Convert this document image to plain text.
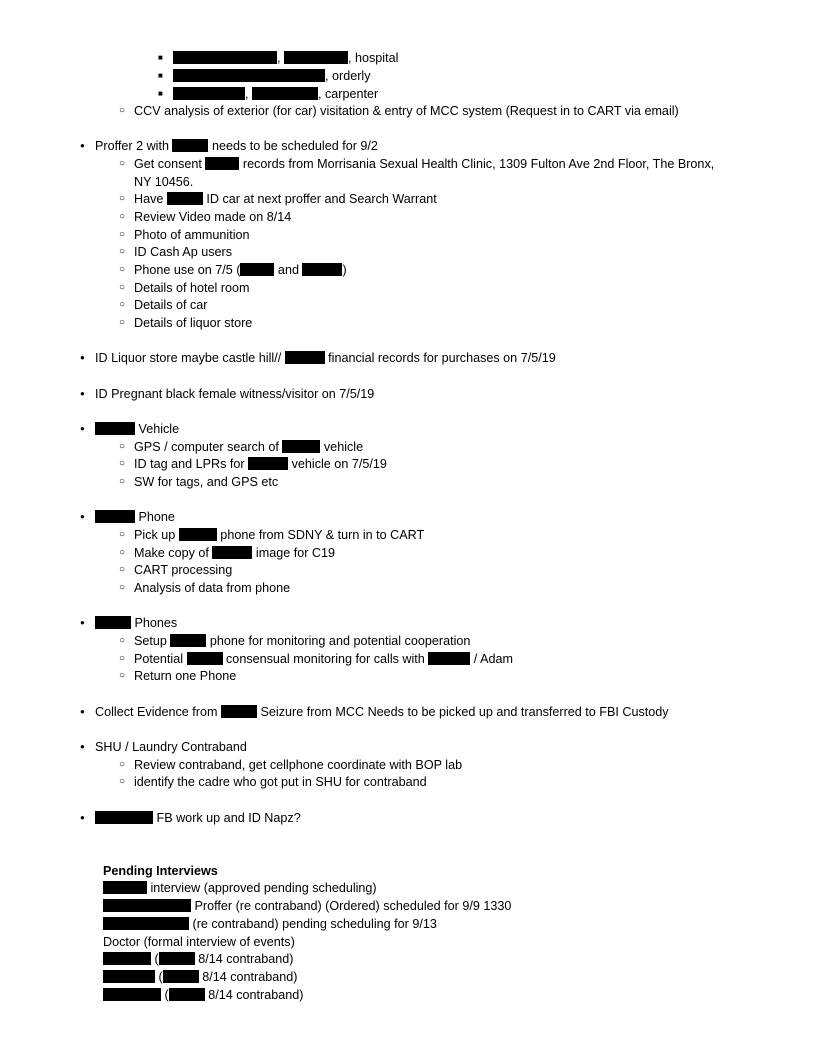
■ ,	, hospital
■ , orderly
■ ,	, carpenter
○ CCV analysis of exterior (for car) visitation & entry of MCC system (Request in to CART via email)
● Proffer 2 with	needs to be scheduled for 9/2
○ Get consent	records from Morrisania Sexual Health Clinic, 1309 Fulton Ave 2nd Floor, The Bronx,
NY 10456.
○ Have	ID car at next proffer and Search Warrant
○ Review Video made on 8/14
○ Photo of ammunition
○ ID Cash Ap users
○ Phone use on 7/5 (	and	)
○ Details of hotel room
○ Details of car
○ Details of liquor store
● ID Liquor store maybe castle hill//	financial records for purchases on 7/5/19
● ID Pregnant black female witness/visitor on 7/5/19
● Vehicle
○ GPS / computer search of	vehicle
○ ID tag and LPRs for	vehicle on 7/5/19
○ SW for tags, and GPS etc
● Phone
○ Pick up	phone from SDNY & turn in to CART
○ Make copy of	image for C19
○ CART processing
○ Analysis of data from phone
● Phones
○ Setup	phone for monitoring and potential cooperation
○ Potential	consensual monitoring for calls with	/ Adam
○ Return one Phone
● Collect Evidence from	Seizure from MCC Needs to be picked up and transferred to FBI Custody
● SHU / Laundry Contraband
○ Review contraband, get cellphone coordinate with BOP lab
○ identify the cadre who got put in SHU for contraband
● FB work up and ID Napz?
Pending Interviews
interview (approved pending scheduling)
Proffer (re contraband) (Ordered) scheduled for 9/9 1330
(re contraband) pending scheduling for 9/13
Doctor (formal interview of events)
(	8/14 contraband)
(	8/14 contraband)
(	8/14 contraband)
